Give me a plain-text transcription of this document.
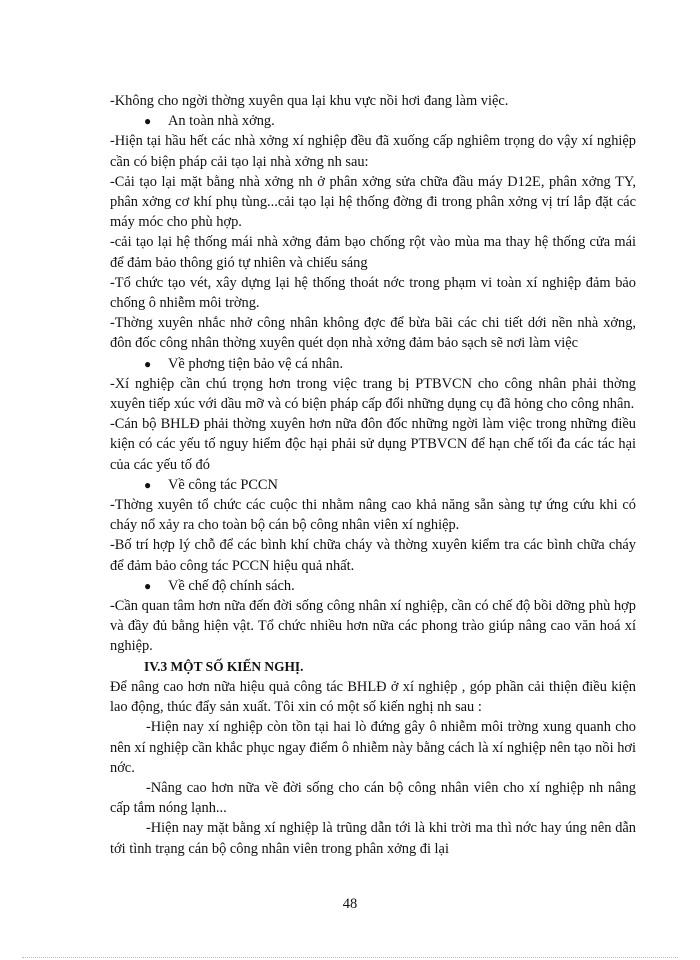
-Không cho ngời thờng xuyên qua lại khu vực nồi hơi đang làm việc.

● An toàn nhà xởng.

-Hiện tại hầu hết các nhà xởng xí nghiệp đều đã xuống cấp nghiêm trọng do vậy xí nghiệp cần có biện pháp cải tạo lại nhà xởng nh sau:

-Cải tạo lại mặt bằng nhà xởng nh ở phân xởng sửa chữa đầu máy D12E, phân xởng TY, phân xởng cơ khí phụ tùng...cải tạo lại hệ thống đờng đi trong phân xởng vị trí lắp đặt các máy móc cho phù hợp.

-cải tạo lại hệ thống mái nhà xởng đảm bạo chống rột vào mùa ma thay hệ thống cửa mái để đảm bảo thông gió tự nhiên và chiếu sáng

-Tổ chức tạo vét, xây dựng lại hệ thống thoát nớc trong phạm vi toàn xí nghiệp đảm bảo chống ô nhiễm môi trờng.

-Thờng xuyên nhắc nhở công nhân không đợc để bừa bãi các chi tiết dới nền nhà xởng, đôn đốc công nhân thờng xuyên quét dọn nhà xởng đảm bảo sạch sẽ nơi làm việc

● Về phơng tiện bảo vệ cá nhân.

-Xí nghiệp cần chú trọng hơn trong việc trang bị PTBVCN cho công nhân phải thờng xuyên tiếp xúc với dầu mỡ và có biện pháp cấp đổi những dụng cụ đã hỏng cho công nhân.

-Cán bộ BHLĐ phải thờng xuyên hơn nữa đôn đốc những ngời làm việc trong những điều kiện có các yếu tố nguy hiểm độc hại phải sử dụng PTBVCN để hạn chế tối đa các tác hại của các yếu tố đó

● Về công tác PCCN

-Thờng xuyên tổ chức các cuộc thi nhằm nâng cao khả năng sẵn sàng tự ứng cứu khi có cháy nổ xảy ra cho toàn bộ cán bộ công nhân viên xí nghiệp.

-Bố trí hợp lý chỗ để các bình khí chữa cháy và thờng xuyên kiểm tra các bình chữa cháy để đảm bảo công tác PCCN hiệu quả nhất.

● Về chế độ chính sách.

-Cần quan tâm hơn nữa đến đời sống công nhân xí nghiệp, cần có chế độ bồi dỡng phù hợp và đầy đủ bằng hiện vật. Tổ chức nhiều hơn nữa các phong trào giúp nâng cao văn hoá xí nghiệp.

IV.3 MỘT SỐ KIẾN NGHỊ.

Để nâng cao hơn nữa hiệu quả công tác BHLĐ ở xí nghiệp , góp phần cải thiện điều kiện lao động, thúc đẩy sản xuất. Tôi xin có một số kiến nghị nh sau :

-Hiện nay xí nghiệp còn tồn tại hai lò đứng gây ô nhiễm môi trờng xung quanh cho nên xí nghiệp cần khắc phục ngay điểm ô nhiễm này bằng cách là xí nghiệp nên tạo nồi hơi nớc.

-Nâng cao hơn nữa về đời sống cho cán bộ công nhân viên cho xí nghiệp nh nâng cấp tắm nóng lạnh...

-Hiện nay mặt bằng xí nghiệp là trũng dẫn tới là khi trời ma thì nớc hay úng nên dẫn tới tình trạng cán bộ công nhân viên trong phân xởng đi lại

48
